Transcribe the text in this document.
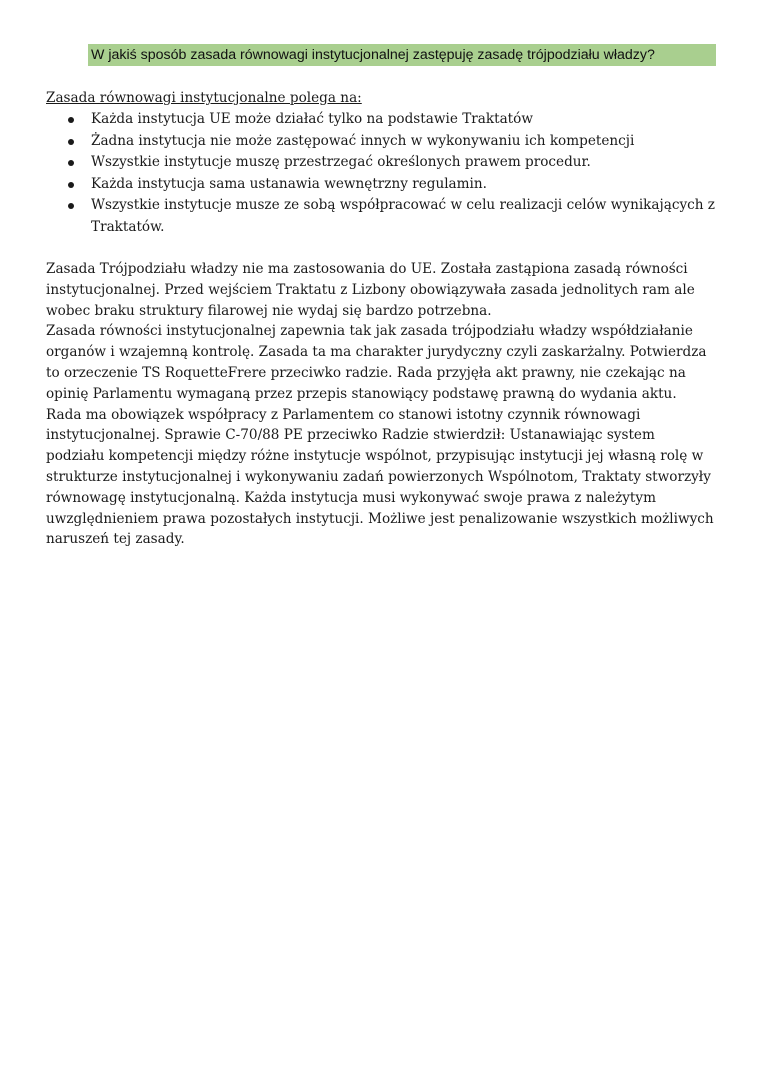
W jakiś sposób zasada równowagi instytucjonalnej zastępuję zasadę trójpodziału władzy?
Zasada równowagi instytucjonalne polega na:
Każda instytucja UE może działać tylko na podstawie Traktatów
Żadna instytucja nie może zastępować innych w wykonywaniu ich kompetencji
Wszystkie instytucje muszę przestrzegać określonych prawem procedur.
Każda instytucja sama ustanawia wewnętrzny regulamin.
Wszystkie instytucje musze ze sobą współpracować w celu realizacji celów wynikających z Traktatów.

Zasada Trójpodziału władzy nie ma zastosowania do UE. Została zastąpiona zasadą równości instytucjonalnej. Przed wejściem Traktatu z Lizbony obowiązywała zasada jednolitych ram ale wobec braku struktury filarowej nie wydaj się bardzo potrzebna.

Zasada równości instytucjonalnej zapewnia tak jak zasada trójpodziału władzy współdziałanie organów i wzajemną kontrolę. Zasada ta ma charakter jurydyczny czyli zaskarżalny. Potwierdza to orzeczenie TS RoquetteFrere przeciwko radzie. Rada przyjęła akt prawny, nie czekając na opinię Parlamentu wymaganą przez przepis stanowiący podstawę prawną do wydania aktu. Rada ma obowiązek współpracy z Parlamentem co stanowi istotny czynnik równowagi instytucjonalnej. Sprawie C-70/88 PE przeciwko Radzie stwierdził: Ustanawiając system podziału kompetencji między różne instytucje wspólnot, przypisując instytucji jej własną rolę w strukturze instytucjonalnej i wykonywaniu zadań powierzonych Wspólnotom, Traktaty stworzyły równowagę instytucjonalną. Każda instytucja musi wykonywać swoje prawa z należytym uwzględnieniem prawa pozostałych instytucji. Możliwe jest penalizowanie wszystkich możliwych naruszeń tej zasady.
